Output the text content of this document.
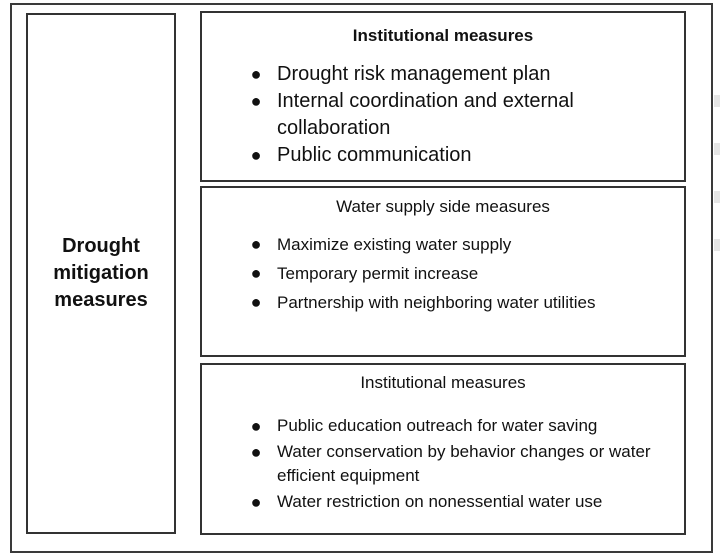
Drought
mitigation
measures

Institutional measures

● Drought risk management plan
● Internal coordination and external collaboration
● Public communication

Water supply side measures

● Maximize existing water supply
● Temporary permit increase
● Partnership with neighboring water utilities

Institutional measures

● Public education outreach for water saving
● Water conservation by behavior changes or water efficient equipment
● Water restriction on nonessential water use
